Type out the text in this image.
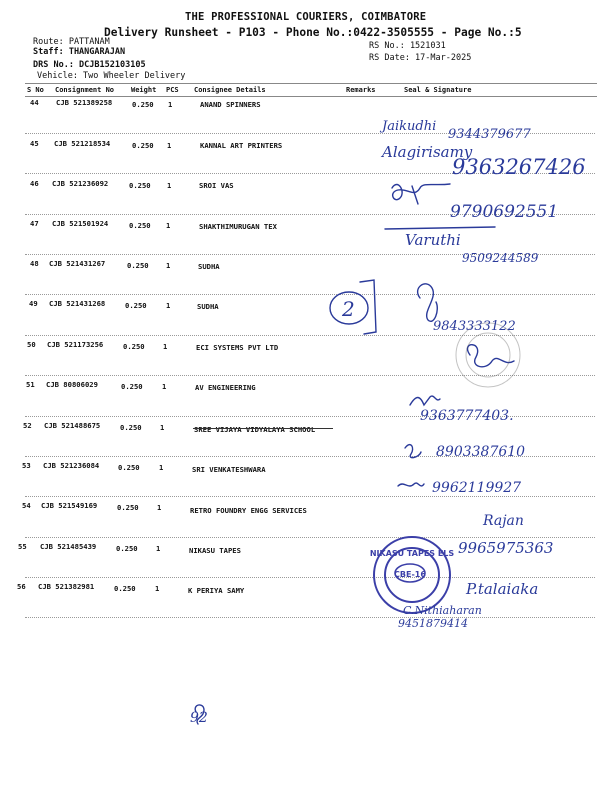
THE PROFESSIONAL COURIERS, COIMBATORE
Delivery Runsheet - P103 - Phone No.:0422-3505555 - Page No.:5
Route: PATTANAM
Staff: THANGARAJAN
DRS No.: DCJB152103105
Vehicle: Two Wheeler Delivery
RS No.: 1521031
RS Date: 17-Mar-2025
S No Consignment No Weight PCS Consignee Details	Remarks	Seal & Signature
44 CJB 521389258	0.250 1	ANAND SPINNERS
45 CJB 521218534	0.250 1	KANNAL ART PRINTERS
46 CJB 521236092	0.250 1	SROI VAS
47 CJB 521501924	0.250 1	SHAKTHIMURUGAN TEX
48 CJB 521431267	0.250 1	SUDHA
49 CJB 521431268	0.250	1	SUDHA
50 CJB 521173256	0.250	1	ECI SYSTEMS PVT LTD
51 CJB 80806029	0.250	1	AV ENGINEERING
52 CJB 521488675	0.250	1	SREE VIJAYA VIDYALAYA SCHOOL
53 CJB 521236084	0.250	1	SRI VENKATESHWARA
54 CJB 521549169	0.250	1	RETRO FOUNDRY ENGG SERVICES
55 CJB 521485439	0.250	1	NIKASU TAPES
56 CJB 521382981	0.250	1	K PERIYA SAMY
Jaikudhi
9344379677
Alagirisamy
9363267426
9790692551
Varuthi
9509244589
2
9843333122
9363777403.
8903387610
9962119927
Rajan
9965975363
P.talaiaka
C.Nithiaharan
9451879414
92
NIKASU TAPES ELS
CBE-16
